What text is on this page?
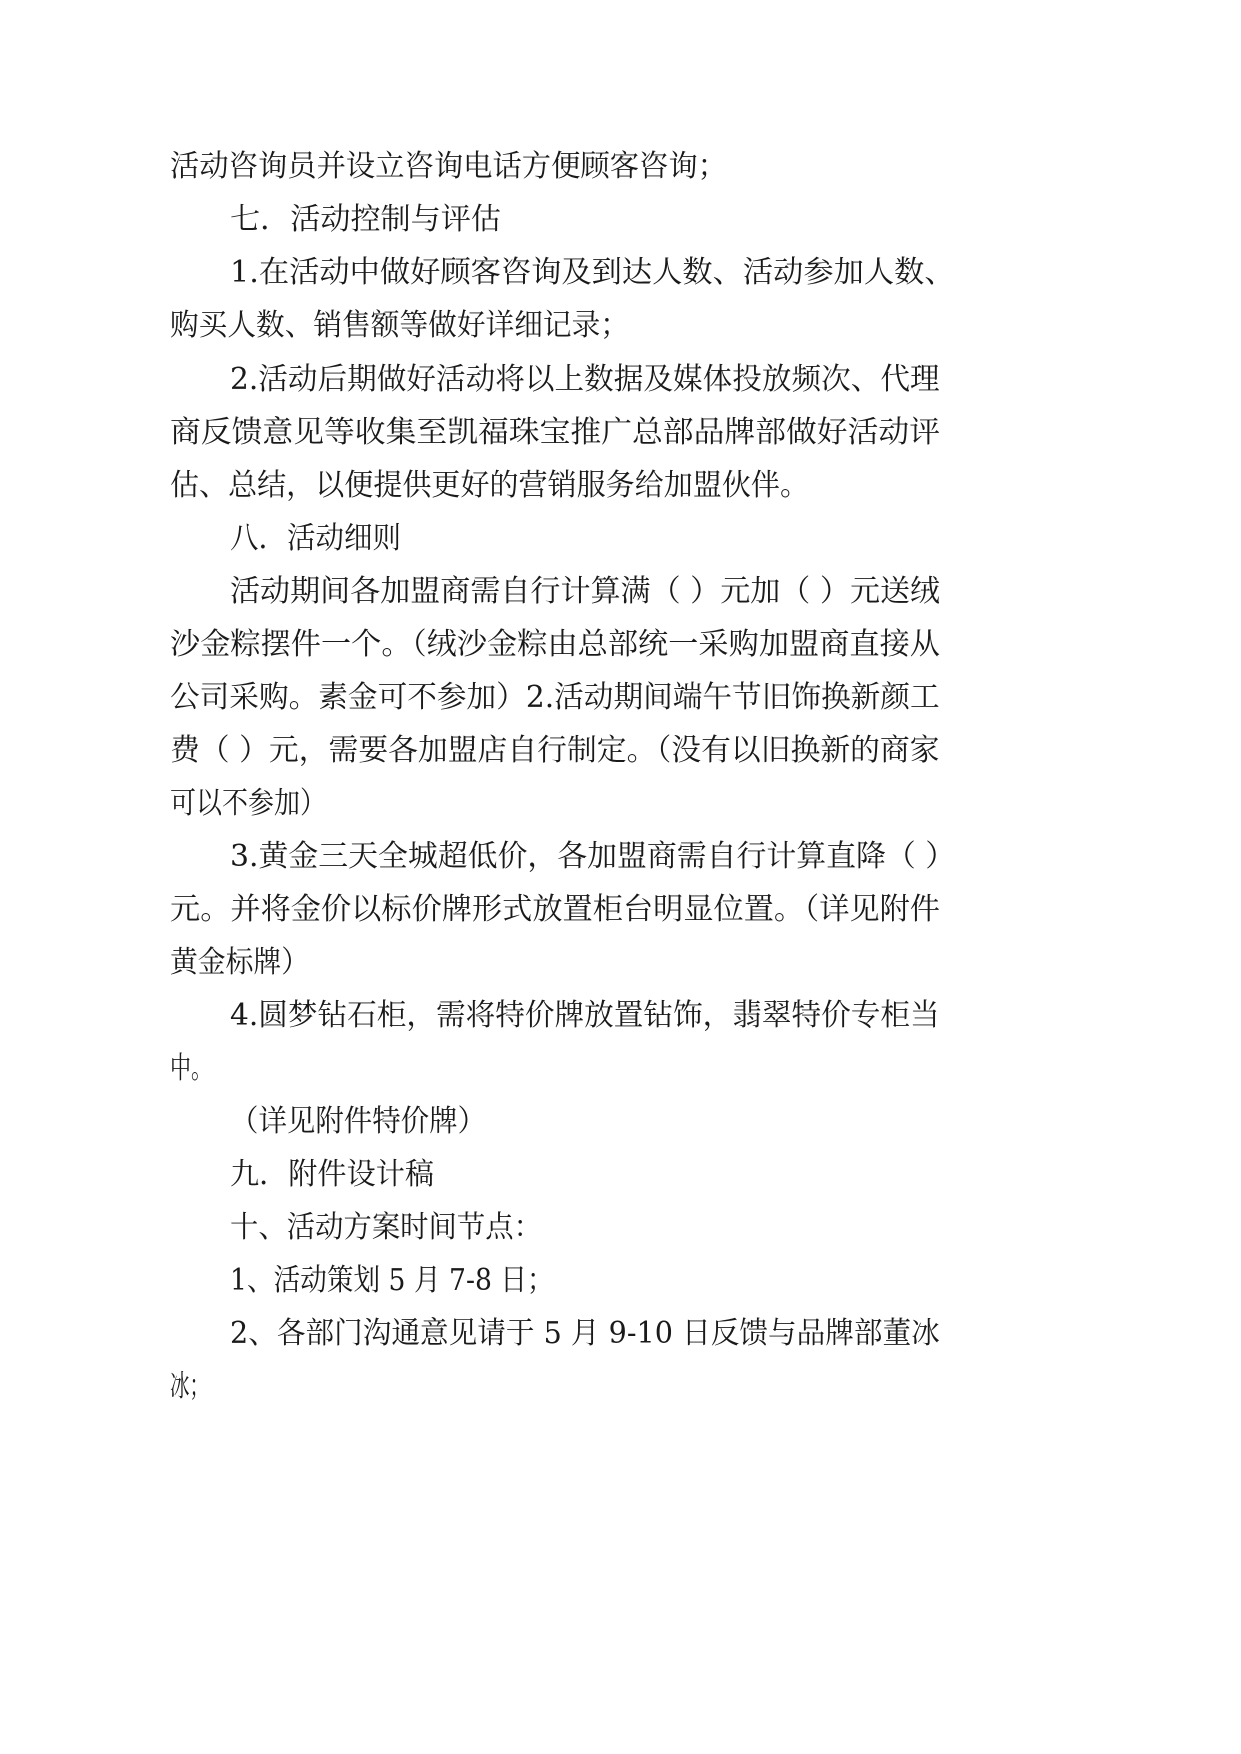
活动咨询员并设立咨询电话方便顾客咨询；
七．活动控制与评估
1.在活动中做好顾客咨询及到达人数、活动参加人数、
购买人数、销售额等做好详细记录；
2.活动后期做好活动将以上数据及媒体投放频次、代理
商反馈意见等收集至凯福珠宝推广总部品牌部做好活动评
估、总结，以便提供更好的营销服务给加盟伙伴。
八．活动细则
活动期间各加盟商需自行计算满（ ）元加（ ）元送绒
沙金粽摆件一个。（绒沙金粽由总部统一采购加盟商直接从
公司采购。素金可不参加）2.活动期间端午节旧饰换新颜工
费（ ）元，需要各加盟店自行制定。（没有以旧换新的商家
可以不参加）
3.黄金三天全城超低价，各加盟商需自行计算直降（ ）
元。并将金价以标价牌形式放置柜台明显位置。（详见附件
黄金标牌）
4.圆梦钻石柜，需将特价牌放置钻饰，翡翠特价专柜当
中。
（详见附件特价牌）
九．附件设计稿
十、活动方案时间节点：
1、活动策划 5 月 7-8 日；
2、各部门沟通意见请于 5 月 9-10 日反馈与品牌部董冰
冰；
